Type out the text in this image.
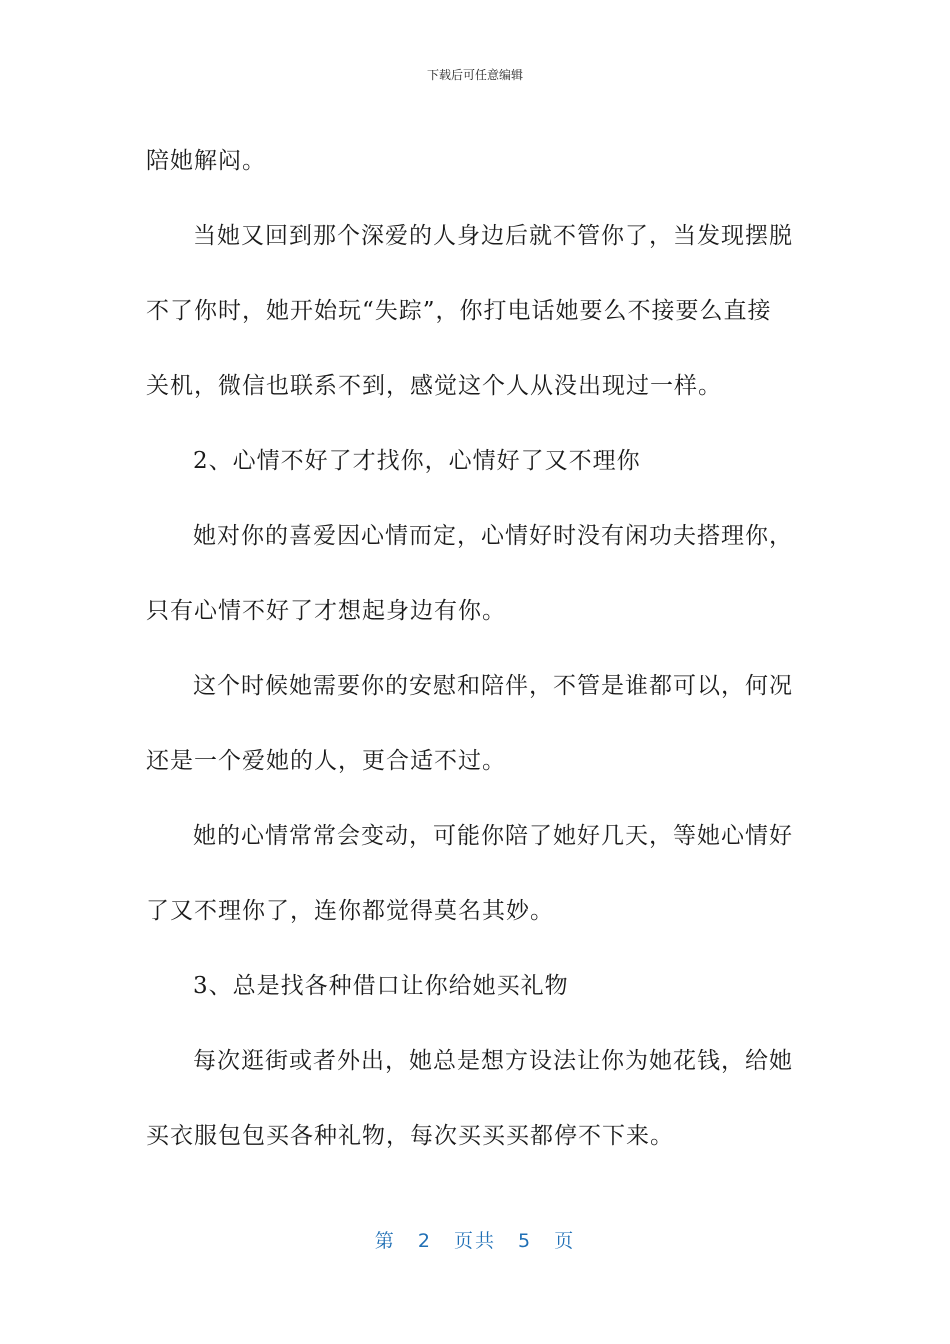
下载后可任意编辑
陪她解闷。
当她又回到那个深爱的人身边后就不管你了，当发现摆脱
不了你时，她开始玩“失踪”，你打电话她要么不接要么直接
关机，微信也联系不到，感觉这个人从没出现过一样。
2、心情不好了才找你，心情好了又不理你
她对你的喜爱因心情而定，心情好时没有闲功夫搭理你，
只有心情不好了才想起身边有你。
这个时候她需要你的安慰和陪伴，不管是谁都可以，何况
还是一个爱她的人，更合适不过。
她的心情常常会变动，可能你陪了她好几天，等她心情好
了又不理你了，连你都觉得莫名其妙。
3、总是找各种借口让你给她买礼物
每次逛街或者外出，她总是想方设法让你为她花钱，给她
买衣服包包买各种礼物，每次买买买都停不下来。
第 2 页共 5 页
